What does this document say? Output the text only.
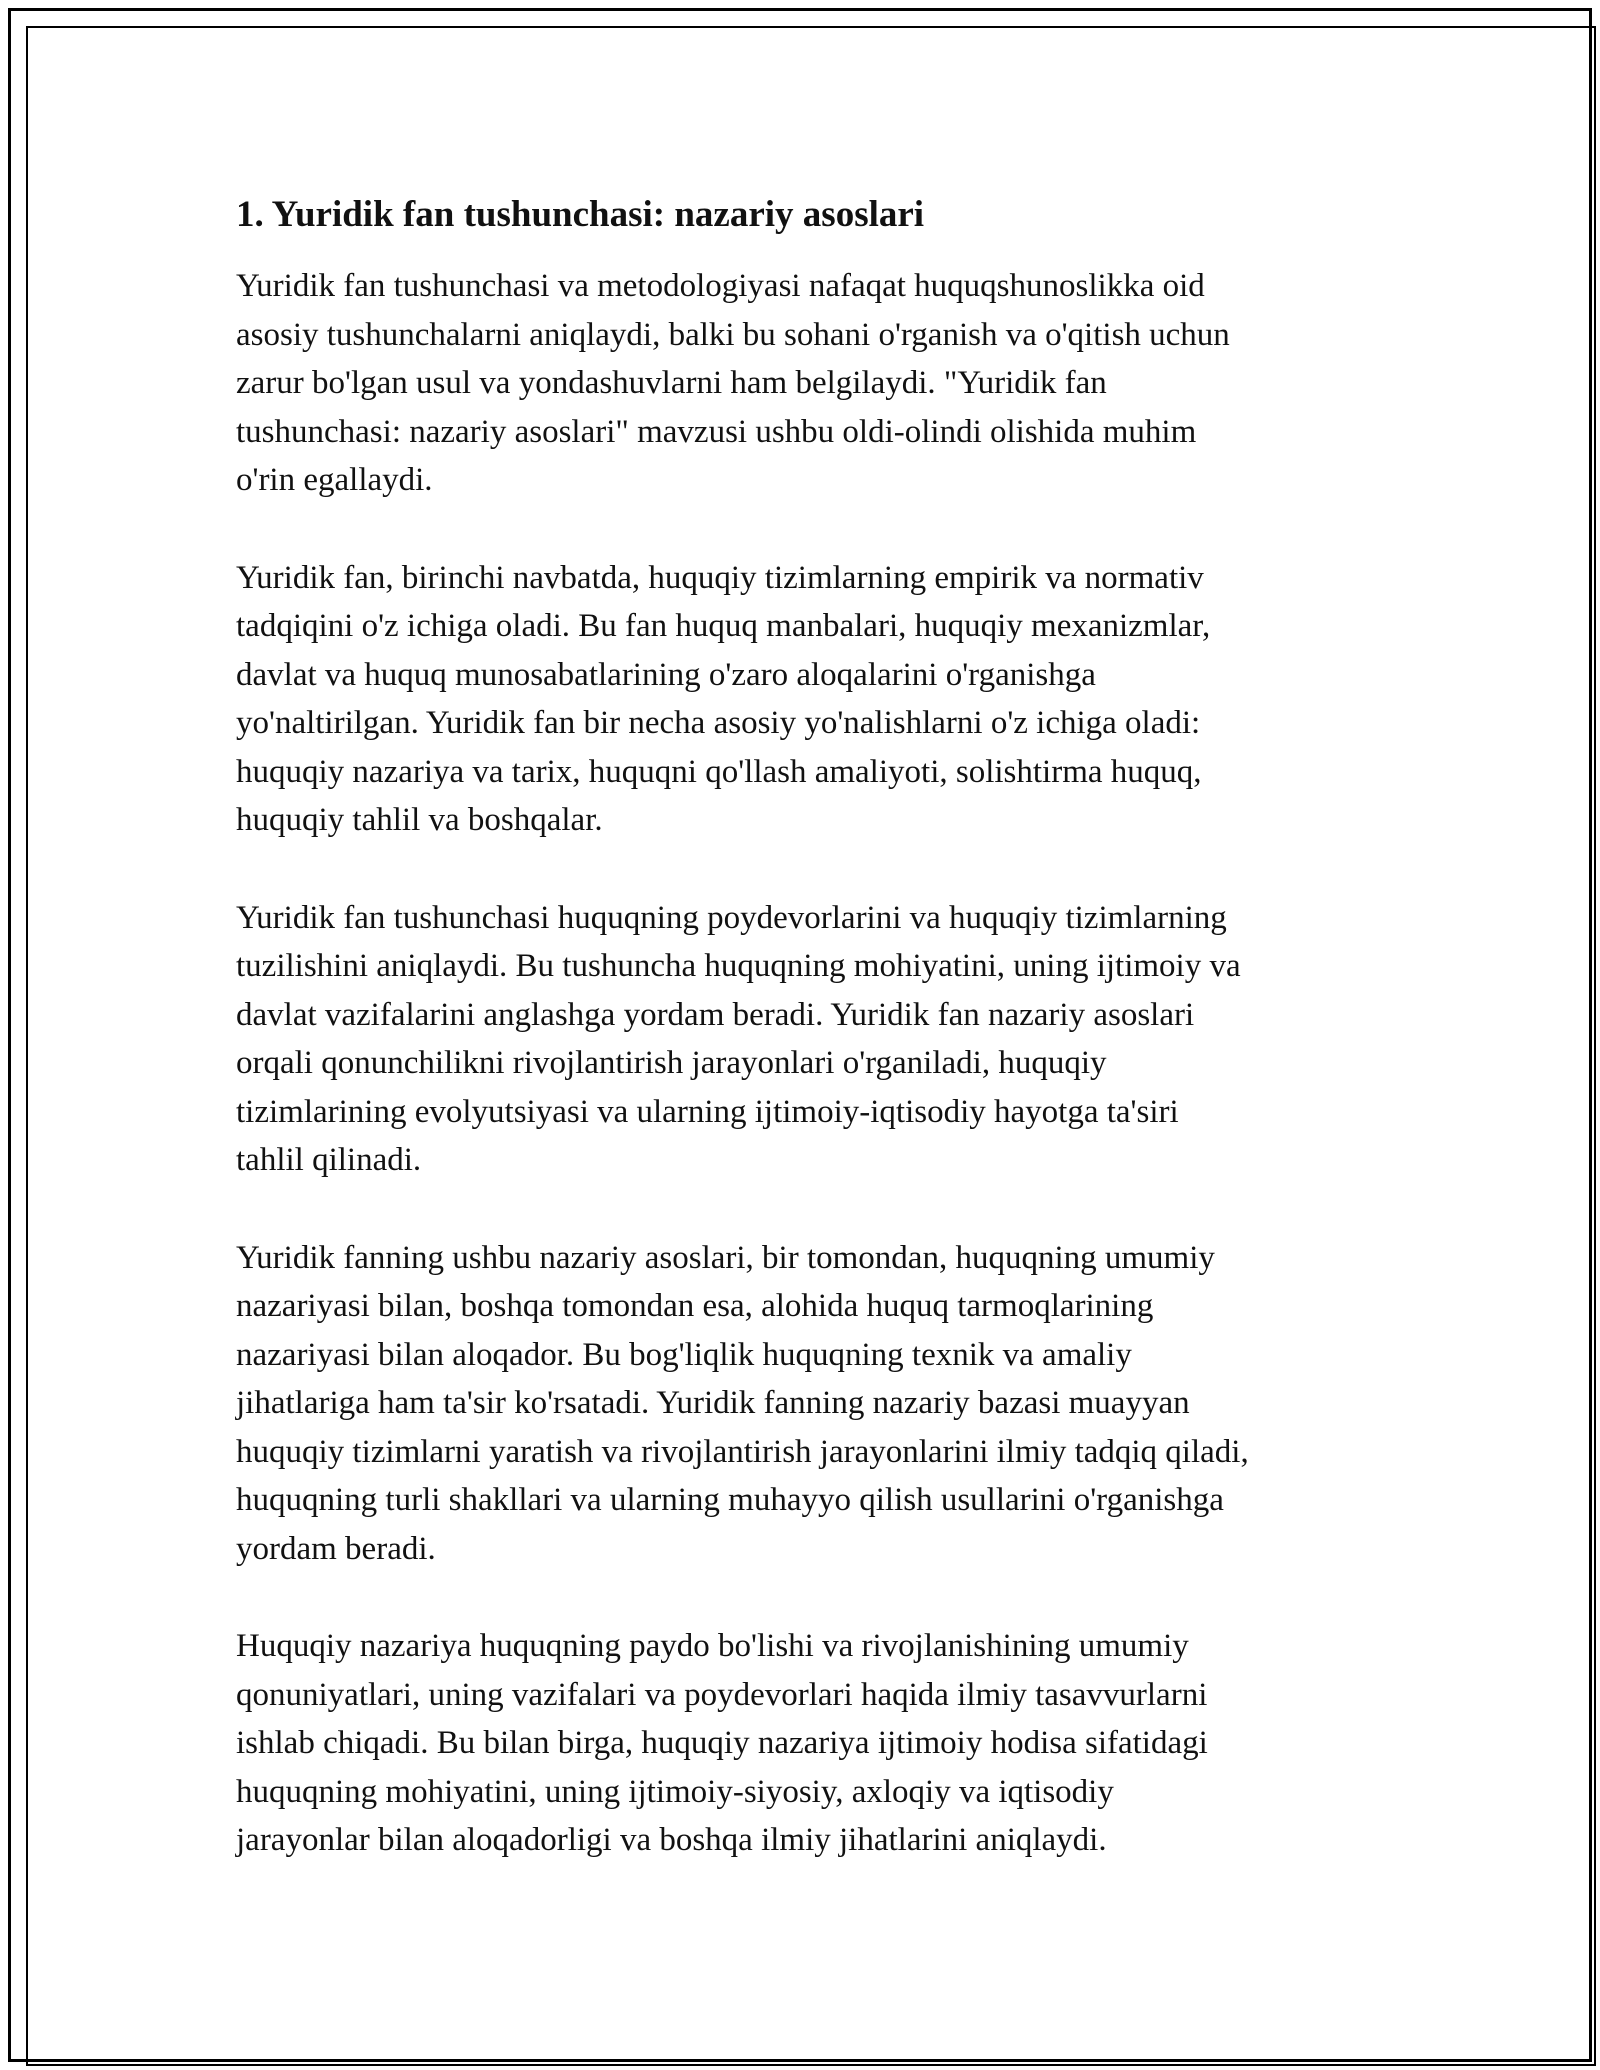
1. Yuridik fan tushunchasi: nazariy asoslari

Yuridik fan tushunchasi va metodologiyasi nafaqat huquqshunoslikka oid
asosiy tushunchalarni aniqlaydi, balki bu sohani o'rganish va o'qitish uchun
zarur bo'lgan usul va yondashuvlarni ham belgilaydi. "Yuridik fan
tushunchasi: nazariy asoslari" mavzusi ushbu oldi-olindi olishida muhim
o'rin egallaydi.

Yuridik fan, birinchi navbatda, huquqiy tizimlarning empirik va normativ
tadqiqini o'z ichiga oladi. Bu fan huquq manbalari, huquqiy mexanizmlar,
davlat va huquq munosabatlarining o'zaro aloqalarini o'rganishga
yo'naltirilgan. Yuridik fan bir necha asosiy yo'nalishlarni o'z ichiga oladi:
huquqiy nazariya va tarix, huquqni qo'llash amaliyoti, solishtirma huquq,
huquqiy tahlil va boshqalar.

Yuridik fan tushunchasi huquqning poydevorlarini va huquqiy tizimlarning
tuzilishini aniqlaydi. Bu tushuncha huquqning mohiyatini, uning ijtimoiy va
davlat vazifalarini anglashga yordam beradi. Yuridik fan nazariy asoslari
orqali qonunchilikni rivojlantirish jarayonlari o'rganiladi, huquqiy
tizimlarining evolyutsiyasi va ularning ijtimoiy-iqtisodiy hayotga ta'siri
tahlil qilinadi.

Yuridik fanning ushbu nazariy asoslari, bir tomondan, huquqning umumiy
nazariyasi bilan, boshqa tomondan esa, alohida huquq tarmoqlarining
nazariyasi bilan aloqador. Bu bog'liqlik huquqning texnik va amaliy
jihatlariga ham ta'sir ko'rsatadi. Yuridik fanning nazariy bazasi muayyan
huquqiy tizimlarni yaratish va rivojlantirish jarayonlarini ilmiy tadqiq qiladi,
huquqning turli shakllari va ularning muhayyo qilish usullarini o'rganishga
yordam beradi.

Huquqiy nazariya huquqning paydo bo'lishi va rivojlanishining umumiy
qonuniyatlari, uning vazifalari va poydevorlari haqida ilmiy tasavvurlarni
ishlab chiqadi. Bu bilan birga, huquqiy nazariya ijtimoiy hodisa sifatidagi
huquqning mohiyatini, uning ijtimoiy-siyosiy, axloqiy va iqtisodiy
jarayonlar bilan aloqadorligi va boshqa ilmiy jihatlarini aniqlaydi.
